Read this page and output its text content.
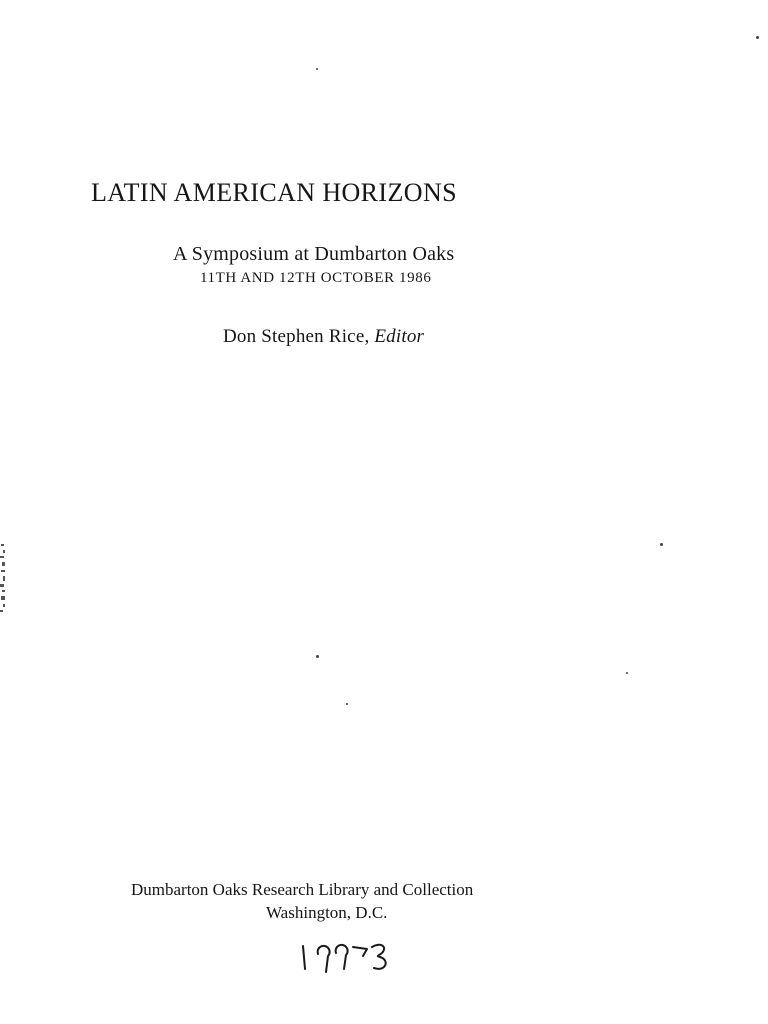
LATIN AMERICAN HORIZONS
A Symposium at Dumbarton Oaks
11TH AND 12TH OCTOBER 1986
Don Stephen Rice, Editor
Dumbarton Oaks Research Library and Collection
Washington, D.C.
